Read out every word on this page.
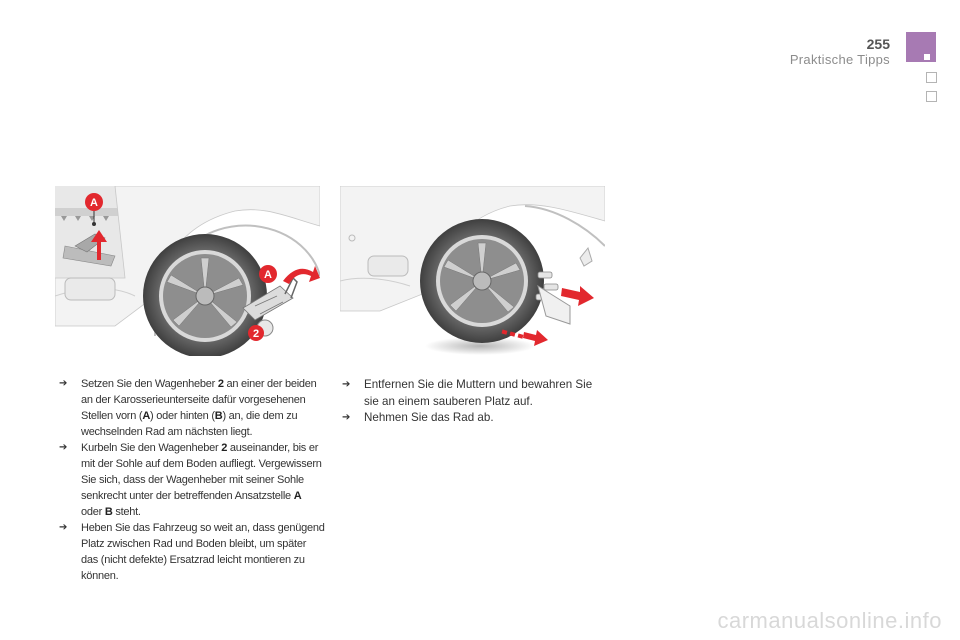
255
Praktische Tipps
A
A
2
➔ Setzen Sie den Wagenheber 2 an einer der beiden an der Karosserieunterseite dafür vorgesehenen Stellen vorn (A) oder hinten (B) an, die dem zu wechselnden Rad am nächsten liegt.
➔ Kurbeln Sie den Wagenheber 2 auseinander, bis er mit der Sohle auf dem Boden aufliegt. Vergewissern Sie sich, dass der Wagenheber mit seiner Sohle senkrecht unter der betreffenden Ansatzstelle A oder B steht.
➔ Heben Sie das Fahrzeug so weit an, dass genügend Platz zwischen Rad und Boden bleibt, um später das (nicht defekte) Ersatzrad leicht montieren zu können.
➔ Entfernen Sie die Muttern und bewahren Sie sie an einem sauberen Platz auf.
➔ Nehmen Sie das Rad ab.
carmanualsonline.info
